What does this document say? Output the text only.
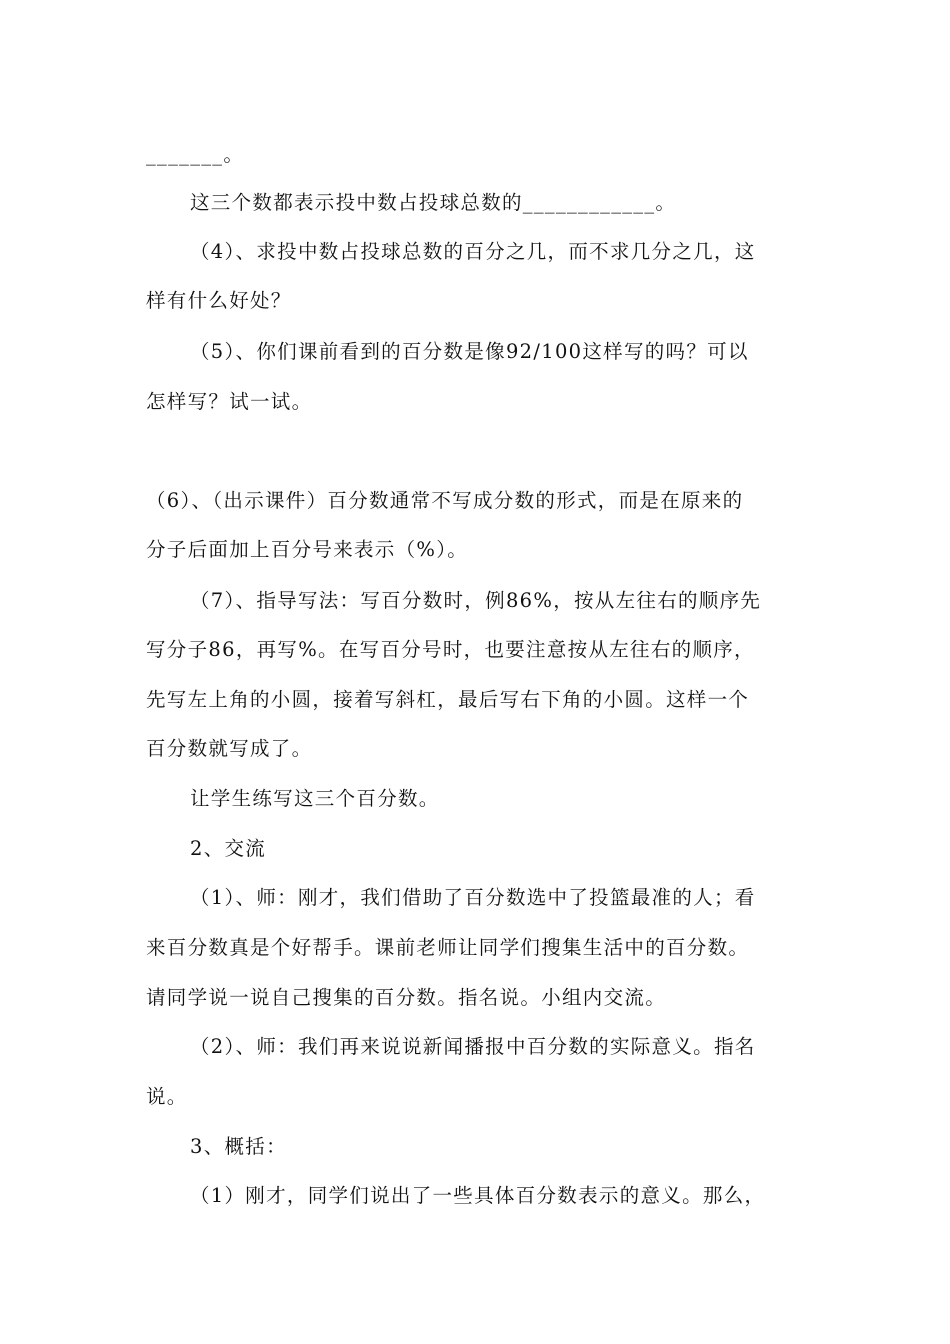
_______。
这三个数都表示投中数占投球总数的____________。
（4）、求投中数占投球总数的百分之几，而不求几分之几，这
样有什么好处？
（5）、你们课前看到的百分数是像92/100这样写的吗？可以
怎样写？试一试。
（6）、（出示课件）百分数通常不写成分数的形式，而是在原来的
分子后面加上百分号来表示（%）。
（7）、指导写法：写百分数时，例86%，按从左往右的顺序先
写分子86，再写%。在写百分号时，也要注意按从左往右的顺序，
先写左上角的小圆，接着写斜杠，最后写右下角的小圆。这样一个
百分数就写成了。
让学生练写这三个百分数。
2、交流
（1）、师：刚才，我们借助了百分数选中了投篮最准的人；看
来百分数真是个好帮手。课前老师让同学们搜集生活中的百分数。
请同学说一说自己搜集的百分数。指名说。小组内交流。
（2）、师：我们再来说说新闻播报中百分数的实际意义。指名
说。
3、概括：
（1）刚才，同学们说出了一些具体百分数表示的意义。那么，
